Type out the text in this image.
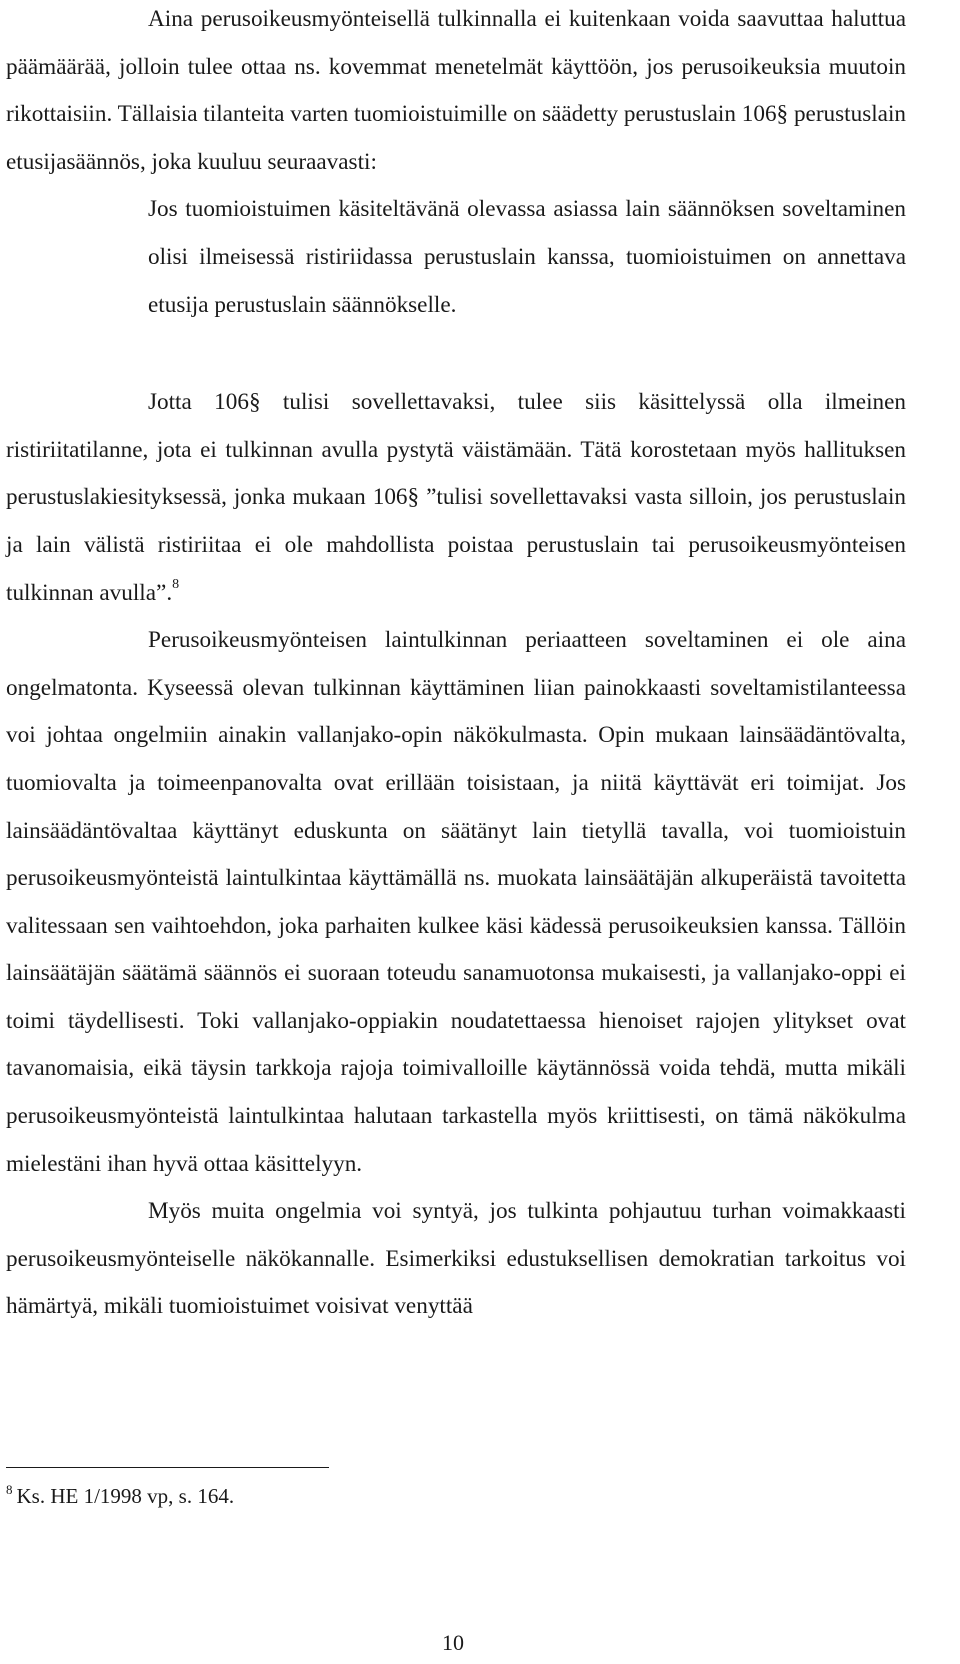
Aina perusoikeusmyönteisellä tulkinnalla ei kuitenkaan voida saavuttaa haluttua päämäärää, jolloin tulee ottaa ns. kovemmat menetelmät käyttöön, jos perusoikeuksia muutoin rikottaisiin. Tällaisia tilanteita varten tuomioistuimille on säädetty perustuslain 106§ perustuslain etusijasäännös, joka kuuluu seuraavasti:

Jos tuomioistuimen käsiteltävänä olevassa asiassa lain säännöksen soveltaminen olisi ilmeisessä ristiriidassa perustuslain kanssa, tuomioistuimen on annettava etusija perustuslain säännökselle.

Jotta 106§ tulisi sovellettavaksi, tulee siis käsittelyssä olla ilmeinen ristiriitatilanne, jota ei tulkinnan avulla pystytä väistämään. Tätä korostetaan myös hallituksen perustuslakiesityksessä, jonka mukaan 106§ ”tulisi sovellettavaksi vasta silloin, jos perustuslain ja lain välistä ristiriitaa ei ole mahdollista poistaa perustuslain tai perusoikeusmyönteisen tulkinnan avulla”.$^8$

Perusoikeusmyönteisen laintulkinnan periaatteen soveltaminen ei ole aina ongelmatonta. Kyseessä olevan tulkinnan käyttäminen liian painokkaasti soveltamistilanteessa voi johtaa ongelmiin ainakin vallanjako-opin näkökulmasta. Opin mukaan lainsäädäntövalta, tuomiovalta ja toimeenpanovalta ovat erillään toisistaan, ja niitä käyttävät eri toimijat. Jos lainsäädäntövaltaa käyttänyt eduskunta on säätänyt lain tietyllä tavalla, voi tuomioistuin perusoikeusmyönteistä laintulkintaa käyttämällä ns. muokata lainsäätäjän alkuperäistä tavoitetta valitessaan sen vaihtoehdon, joka parhaiten kulkee käsi kädessä perusoikeuksien kanssa. Tällöin lainsäätäjän säätämä säännös ei suoraan toteudu sanamuotonsa mukaisesti, ja vallanjako-oppi ei toimi täydellisesti. Toki vallanjako-oppiakin noudatettaessa hienoiset rajojen ylitykset ovat tavanomaisia, eikä täysin tarkkoja rajoja toimivalloille käytännössä voida tehdä, mutta mikäli perusoikeusmyönteistä laintulkintaa halutaan tarkastella myös kriittisesti, on tämä näkökulma mielestäni ihan hyvä ottaa käsittelyyn.

Myös muita ongelmia voi syntyä, jos tulkinta pohjautuu turhan voimakkaasti perusoikeusmyönteiselle näkökannalle. Esimerkiksi edustuksellisen demokratian tarkoitus voi hämärtyä, mikäli tuomioistuimet voisivat venyttää

$^8$ Ks. HE 1/1998 vp, s. 164.
10
